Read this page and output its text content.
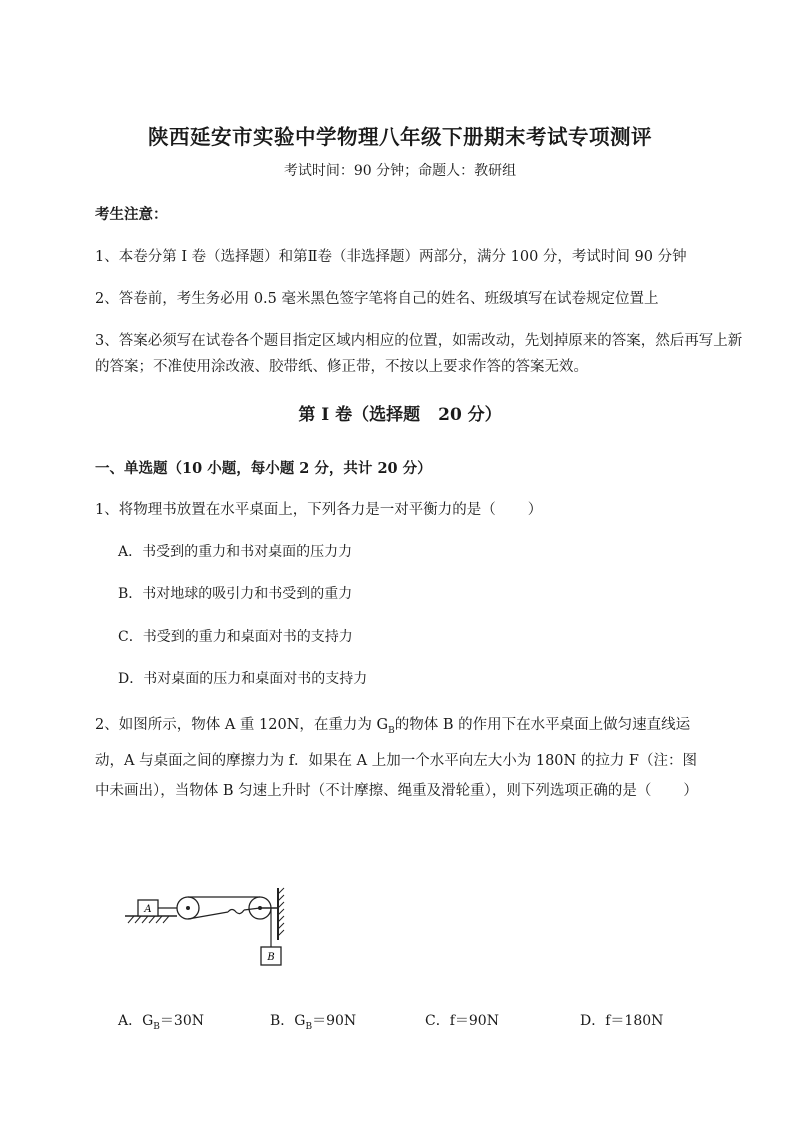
陕西延安市实验中学物理八年级下册期末考试专项测评
考试时间：90 分钟；命题人：教研组
考生注意：
1、本卷分第 I 卷（选择题）和第Ⅱ卷（非选择题）两部分，满分 100 分，考试时间 90 分钟
2、答卷前，考生务必用 0.5 毫米黑色签字笔将自己的姓名、班级填写在试卷规定位置上
3、答案必须写在试卷各个题目指定区域内相应的位置，如需改动，先划掉原来的答案，然后再写上新
的答案；不准使用涂改液、胶带纸、修正带，不按以上要求作答的答案无效。
第 I 卷（选择题 20 分）
一、单选题（10 小题，每小题 2 分，共计 20 分）
1、将物理书放置在水平桌面上，下列各力是一对平衡力的是（ ）
A．书受到的重力和书对桌面的压力力
B．书对地球的吸引力和书受到的重力
C．书受到的重力和桌面对书的支持力
D．书对桌面的压力和桌面对书的支持力
2、如图所示，物体 A 重 120N，在重力为 $G_B$的物体 B 的作用下在水平桌面上做匀速直线运动，A 与桌面之间的摩擦力为 f．如果在 A 上加一个水平向左大小为 180N 的拉力 F（注：图中未画出），当物体 B 匀速上升时（不计摩擦、绳重及滑轮重），则下列选项正确的是（ ）
A
B
A．$G_B=30N$	B．$G_B=90N$	C．f＝90N	D．f＝180N
